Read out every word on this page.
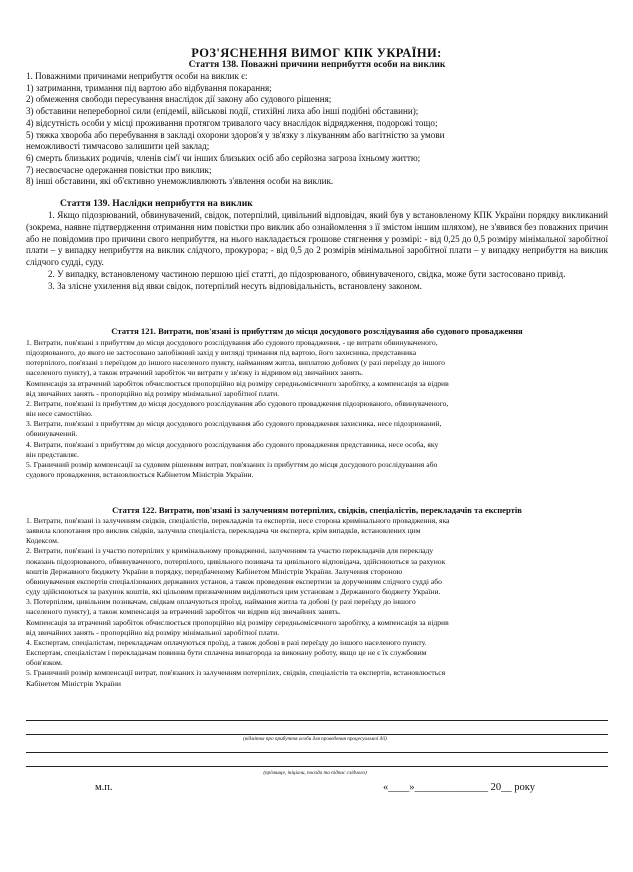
РОЗ'ЯСНЕННЯ ВИМОГ КПК УКРАЇНИ:
Стаття 138. Поважні причини неприбуття особи на виклик
1. Поважними причинами неприбуття особи на виклик є:
1) затримання, тримання під вартою або відбування покарання;
2) обмеження свободи пересування внаслідок дії закону або судового рішення;
3) обставини непереборної сили (епідемії, військові події, стихійні лиха або інші подібні обставини);
4) відсутність особи у місці проживання протягом тривалого часу внаслідок відрядження, подорожі тощо;
5) тяжка хвороба або перебування в закладі охорони здоров'я у зв'язку з лікуванням або вагітністю за умови
неможливості тимчасово залишити цей заклад;
6) смерть близьких родичів, членів сім'ї чи інших близьких осіб або серйозна загроза їхньому життю;
7) несвоєчасне одержання повістки про виклик;
8) інші обставини, які об'єктивно унеможливлюють з'явлення особи на виклик.
Стаття 139. Наслідки неприбуття на виклик

1. Якщо підозрюваний, обвинувачений, свідок, потерпілий, цивільний відповідач, який був у встановленому КПК України порядку викликаний (зокрема, наявне підтвердження отримання ним повістки про виклик або ознайомлення з її змістом іншим шляхом), не з'явився без поважних причин або не повідомив про причини свого неприбуття, на нього накладається грошове стягнення у розмірі: - від 0,25 до 0,5 розміру мінімальної заробітної плати – у випадку неприбуття на виклик слідчого, прокурора; - від 0,5 до 2 розмірів мінімальної заробітної плати – у випадку неприбуття на виклик слідчого судді, суду.

2. У випадку, встановленому частиною першою цієї статті, до підозрюваного, обвинуваченого, свідка, може бути застосовано привід.

3. За злісне ухилення від явки свідок, потерпілий несуть відповідальність, встановлену законом.

Стаття 121. Витрати, пов'язані із прибуттям до місця досудового розслідування або судового провадження
1. Витрати, пов'язані з прибуттям до місця досудового розслідування або судового провадження, - це витрати обвинуваченого,
підозрюваного, до якого не застосовано запобіжний захід у вигляді тримання під вартою, його захисника, представника
потерпілого, пов'язані з переїздом до іншого населеного пункту, найманням житла, виплатою добових (у разі переїзду до іншого
населеного пункту), а також втрачений заробіток чи витрати у зв'язку із відривом від звичайних занять.
Компенсація за втрачений заробіток обчислюється пропорційно від розміру середньомісячного заробітку, а компенсація за відрив
від звичайних занять - пропорційно від розміру мінімальної заробітної плати.
2. Витрати, пов'язані із прибуттям до місця досудового розслідування або судового провадження підозрюваного, обвинуваченого,
він несе самостійно.
3. Витрати, пов'язані з прибуттям до місця досудового розслідування або судового провадження захисника, несе підозрюваний,
обвинувачений.
4. Витрати, пов'язані з прибуттям до місця досудового розслідування або судового провадження представника, несе особа, яку
він представляє.
5. Граничний розмір компенсації за судовим рішенням витрат, пов'язаних із прибуттям до місця досудового розслідування або
судового провадження, встановлюється Кабінетом Міністрів України.
Стаття 122. Витрати, пов'язані із залученням потерпілих, свідків, спеціалістів, перекладачів та експертів
1. Витрати, пов'язані із залученням свідків, спеціалістів, перекладачів та експертів, несе сторона кримінального провадження, яка
заявила клопотання про виклик свідків, залучила спеціаліста, перекладача чи експерта, крім випадків, встановлених цим
Кодексом.
2. Витрати, пов'язані із участю потерпілих у кримінальному провадженні, залученням та участю перекладачів для перекладу
показань підозрюваного, обвинуваченого, потерпілого, цивільного позивача та цивільного відповідача, здійснюються за рахунок
коштів Державного бюджету України в порядку, передбаченому Кабінетом Міністрів України. Залучення стороною
обвинувачення експертів спеціалізованих державних установ, а також проведення експертизи за дорученням слідчого судді або
суду здійснюються за рахунок коштів, які цільовим призначенням виділяються цим установам з Державного бюджету України.
3. Потерпілим, цивільним позивачам, свідкам оплачуються проїзд, наймання житла та добові (у разі переїзду до іншого
населеного пункту), а також компенсація за втрачений заробіток чи відрив від звичайних занять.
Компенсація за втрачений заробіток обчислюється пропорційно від розміру середньомісячного заробітку, а компенсація за відрив
від звичайних занять - пропорційно від розміру мінімальної заробітної плати.
4. Експертам, спеціалістам, перекладачам оплачуються проїзд, а також добові в разі переїзду до іншого населеного пункту.
Експертам, спеціалістам і перекладачам повинна бути сплачена винагорода за виконану роботу, якщо це не є їх службовим
обов'язком.
5. Граничний розмір компенсації витрат, пов'язаних із залученням потерпілих, свідків, спеціалістів та експертів, встановлюється
Кабінетом Міністрів України
(відмітка про прибуття особи для проведення процесуальної дії)
(прізвище, ініціали, посада та підпис слідчого)
м.п.	«____»______________ 20__ року
